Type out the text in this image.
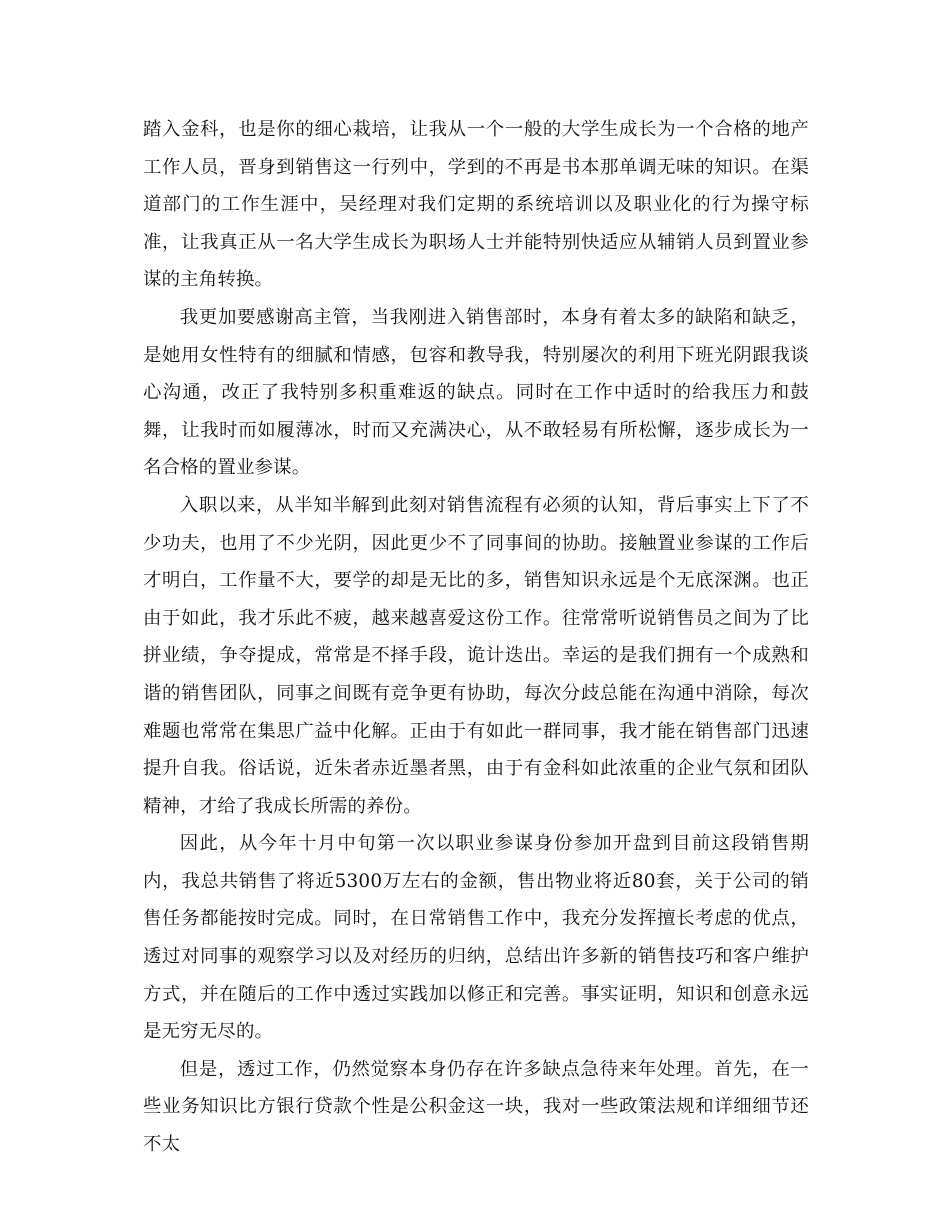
踏入金科，也是你的细心栽培，让我从一个一般的大学生成长为一个合格的地产工作人员，晋身到销售这一行列中，学到的不再是书本那单调无味的知识。在渠道部门的工作生涯中，吴经理对我们定期的系统培训以及职业化的行为操守标准，让我真正从一名大学生成长为职场人士并能特别快适应从辅销人员到置业参谋的主角转换。

我更加要感谢高主管，当我刚进入销售部时，本身有着太多的缺陷和缺乏，是她用女性特有的细腻和情感，包容和教导我，特别屡次的利用下班光阴跟我谈心沟通，改正了我特别多积重难返的缺点。同时在工作中适时的给我压力和鼓舞，让我时而如履薄冰，时而又充满决心，从不敢轻易有所松懈，逐步成长为一名合格的置业参谋。

入职以来，从半知半解到此刻对销售流程有必须的认知，背后事实上下了不少功夫，也用了不少光阴，因此更少不了同事间的协助。接触置业参谋的工作后才明白，工作量不大，要学的却是无比的多，销售知识永远是个无底深渊。也正由于如此，我才乐此不疲，越来越喜爱这份工作。往常常听说销售员之间为了比拼业绩，争夺提成，常常是不择手段，诡计迭出。幸运的是我们拥有一个成熟和谐的销售团队，同事之间既有竞争更有协助，每次分歧总能在沟通中消除，每次难题也常常在集思广益中化解。正由于有如此一群同事，我才能在销售部门迅速提升自我。俗话说，近朱者赤近墨者黑，由于有金科如此浓重的企业气氛和团队精神，才给了我成长所需的养份。

因此，从今年十月中旬第一次以职业参谋身份参加开盘到目前这段销售期内，我总共销售了将近5300万左右的金额，售出物业将近80套，关于公司的销售任务都能按时完成。同时，在日常销售工作中，我充分发挥擅长考虑的优点，透过对同事的观察学习以及对经历的归纳，总结出许多新的销售技巧和客户维护方式，并在随后的工作中透过实践加以修正和完善。事实证明，知识和创意永远是无穷无尽的。

但是，透过工作，仍然觉察本身仍存在许多缺点急待来年处理。首先，在一些业务知识比方银行贷款个性是公积金这一块，我对一些政策法规和详细细节还不太
